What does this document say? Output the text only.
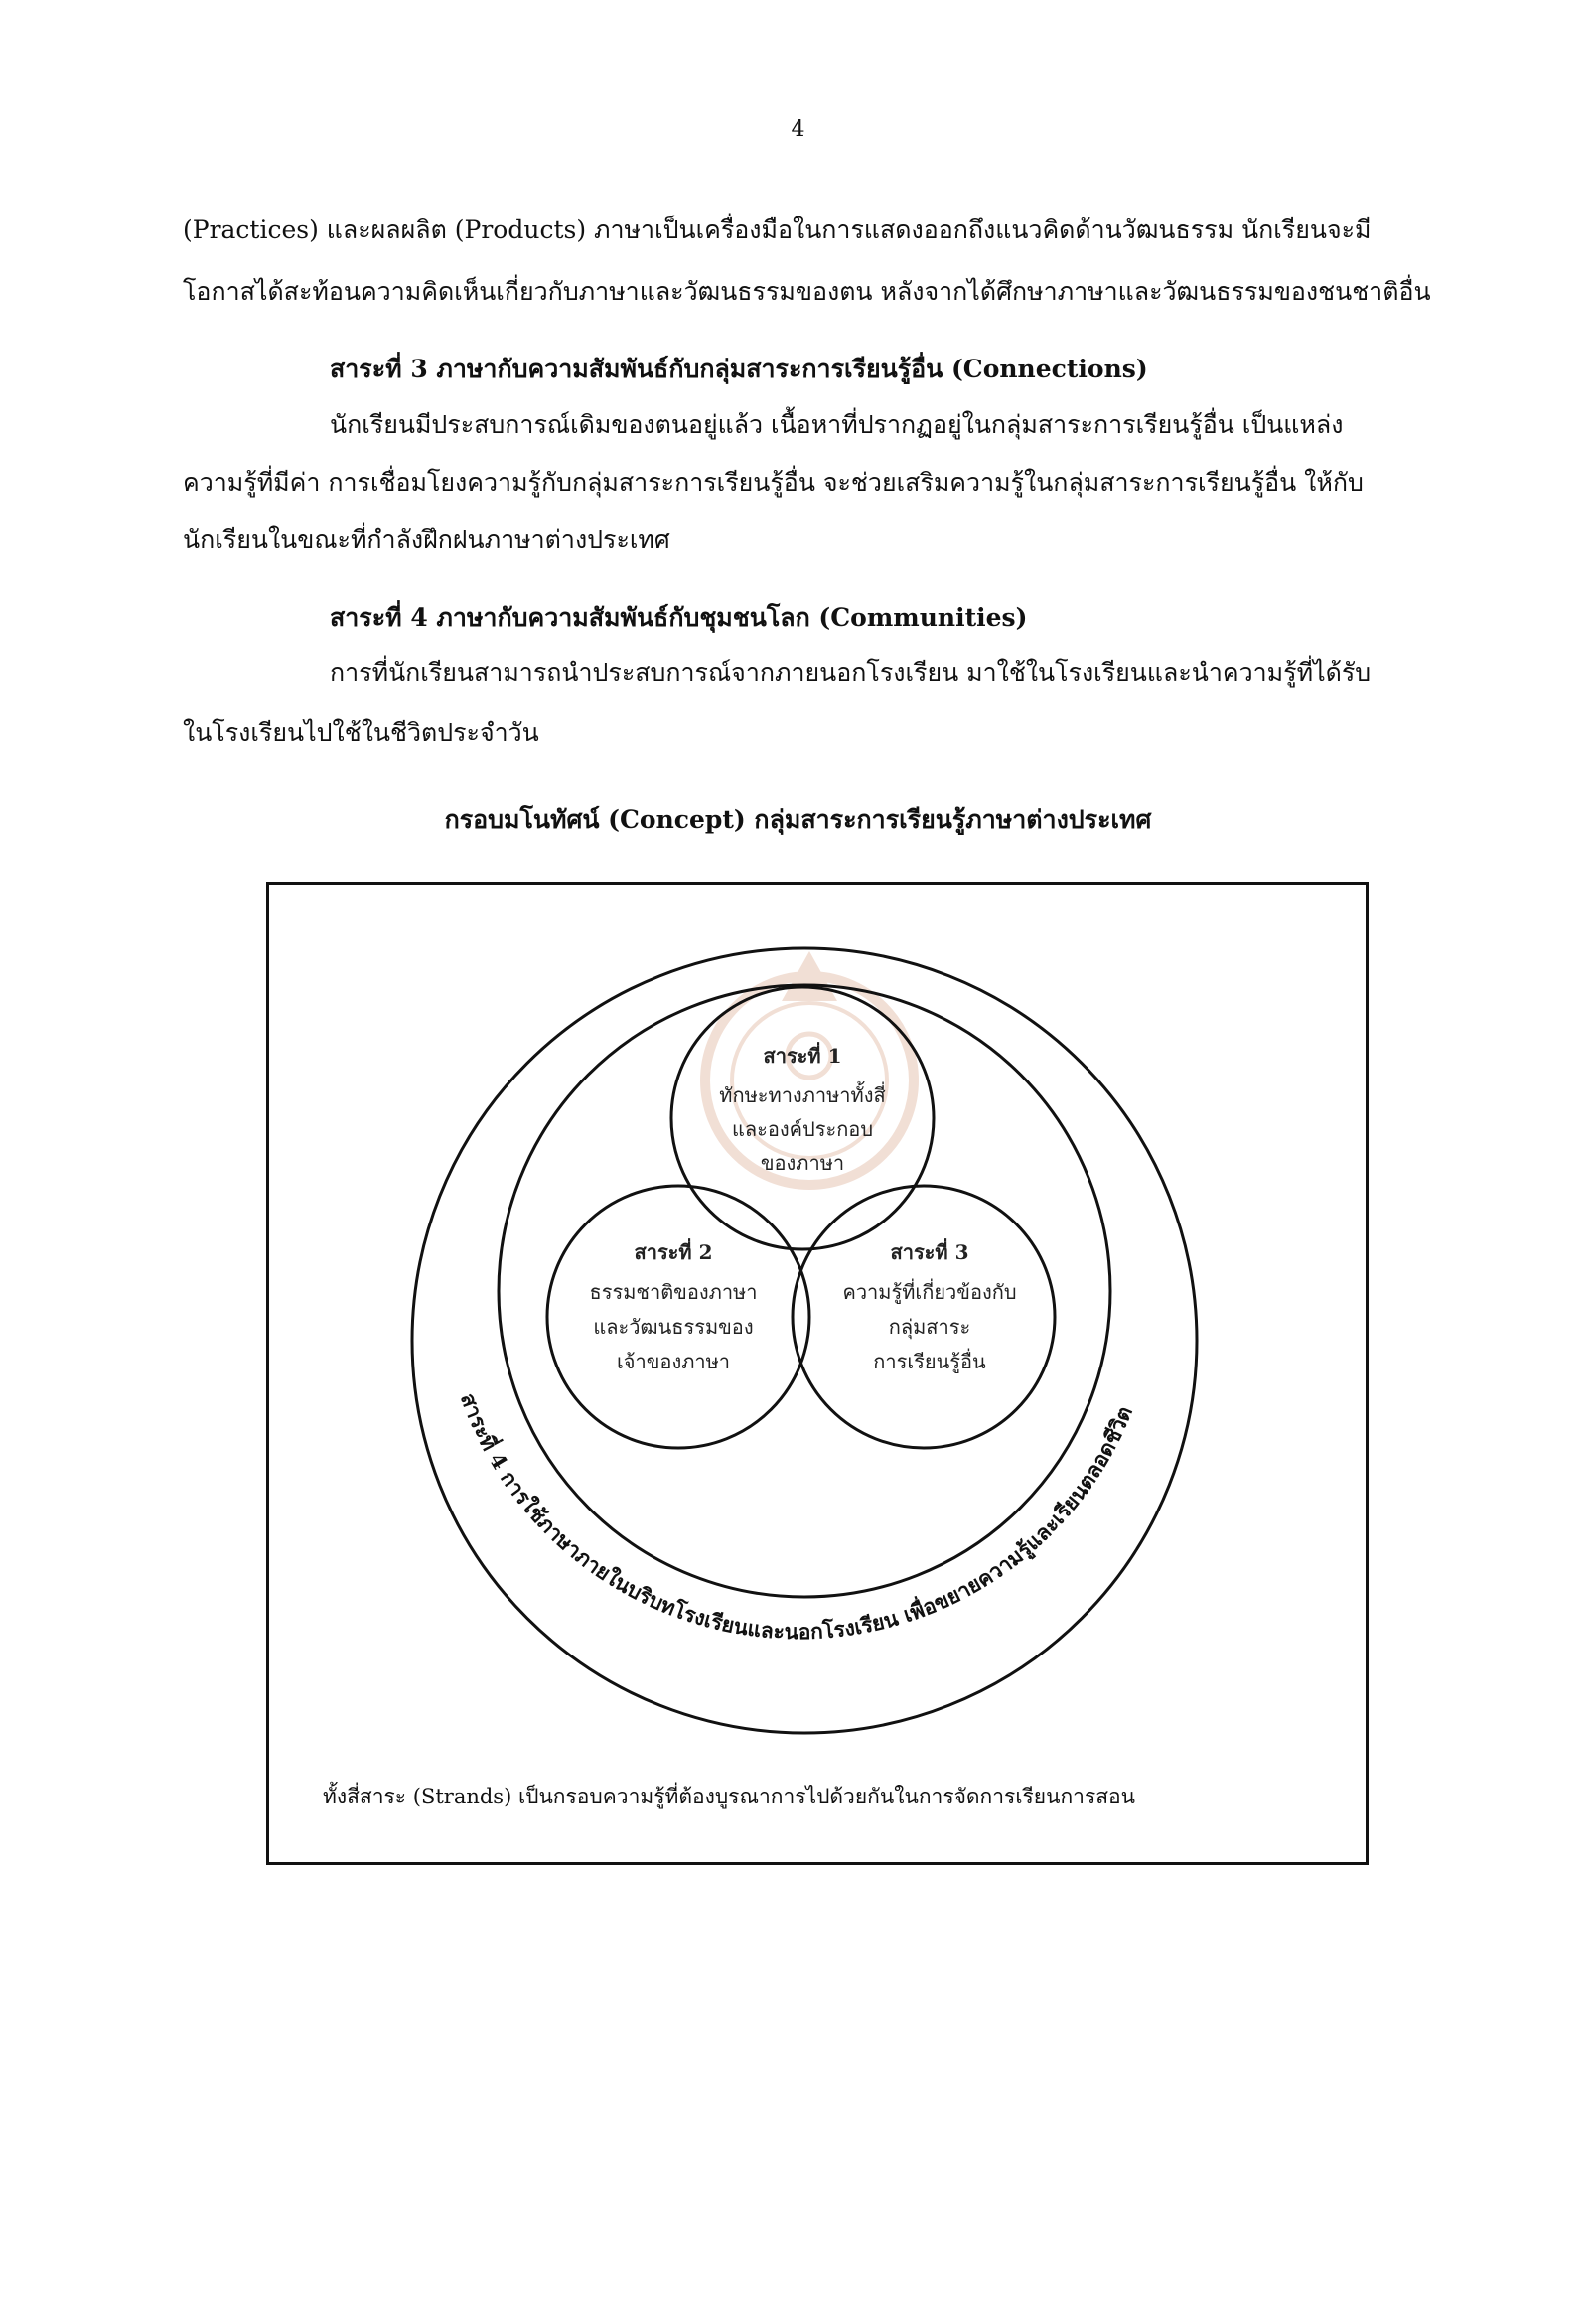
4
(Practices) และผลผลิต (Products) ภาษาเป็นเครื่องมือในการแสดงออกถึงแนวคิดด้านวัฒนธรรม นักเรียนจะมี
โอกาสได้สะท้อนความคิดเห็นเกี่ยวกับภาษาและวัฒนธรรมของตน หลังจากได้ศึกษาภาษาและวัฒนธรรมของชนชาติอื่น
สาระที่ 3 ภาษากับความสัมพันธ์กับกลุ่มสาระการเรียนรู้อื่น (Connections)
นักเรียนมีประสบการณ์เดิมของตนอยู่แล้ว เนื้อหาที่ปรากฏอยู่ในกลุ่มสาระการเรียนรู้อื่น เป็นแหล่ง
ความรู้ที่มีค่า การเชื่อมโยงความรู้กับกลุ่มสาระการเรียนรู้อื่น จะช่วยเสริมความรู้ในกลุ่มสาระการเรียนรู้อื่น ให้กับ
นักเรียนในขณะที่กำลังฝึกฝนภาษาต่างประเทศ
สาระที่ 4 ภาษากับความสัมพันธ์กับชุมชนโลก (Communities)
การที่นักเรียนสามารถนำประสบการณ์จากภายนอกโรงเรียน มาใช้ในโรงเรียนและนำความรู้ที่ได้รับ
ในโรงเรียนไปใช้ในชีวิตประจำวัน
กรอบมโนทัศน์ (Concept) กลุ่มสาระการเรียนรู้ภาษาต่างประเทศ
สาระที่ 1
ทักษะทางภาษาทั้งสี่
และองค์ประกอบ
ของภาษา
สาระที่ 2
ธรรมชาติของภาษา
และวัฒนธรรมของ
เจ้าของภาษา
สาระที่ 3
ความรู้ที่เกี่ยวข้องกับ
กลุ่มสาระ
การเรียนรู้อื่น
สาระที่ 4 การใช้ภาษาภายในบริบทโรงเรียนและนอกโรงเรียน เพื่อขยายความรู้และเรียนตลอดชีวิต
ทั้งสี่สาระ (Strands) เป็นกรอบความรู้ที่ต้องบูรณาการไปด้วยกันในการจัดการเรียนการสอน
